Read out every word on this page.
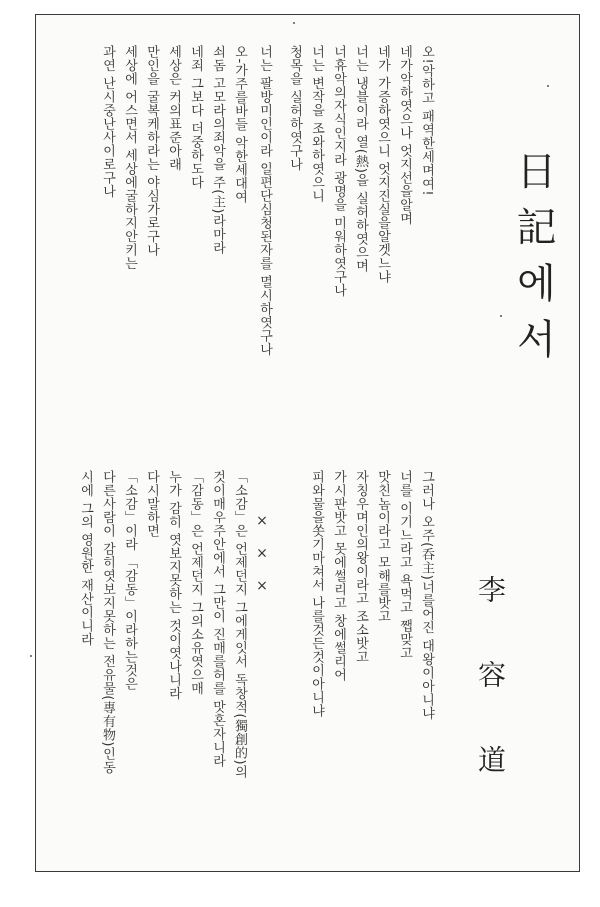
日記에서
李 容 道
× × ×	그러나 오주(呑主)너를어진 대왕이아니냐
너를 이기느라고 욕먹고 쨉맞고
맛친놈이라고 모해를밧고
자칭우며인의왕이라고 조소밧고
가시판밧고 못에썰리고 창에썰리어
피와물을쏫기마쳐서 나를것든것이아니냐
「소감」은 언제던지 그에게잇서 독창적(獨創的)의
것이매우주안에서 그만이 진매를허를 맛혼자니라
「감동」은 언제던지 그의소유엿으매
누가 감히 엿보지못하는 것이엿나니라
다시말하면
「소감」이라 「감동」이라하는것은
다른사람이 감히엿보지못하는 전유물(專有物)인동
시에 그의 영원한 재산이니라
오!악하고 패역한세며여!
네가악하엿으나 엇지선을알며
네가 가증하엿으니 엇지진실을알겟느냐
너는 냉블이라 열(熱)을 실허하엿으며
너휴악의자식인지라 광명을 미워하엿구나
너는 변작을 조와하엿으니
청목을 실허하엿구나
너는 팔방미인이라 일편단심청된자를 멸시하엿구나
오-가주를바들 악한세대여
쇠돔 고모라의죄악을 주(主)라마라
네죄 그보다 더중하도다
세상은 커의표준아래
만인을 굴복케하라는 야심가로구나
세상에 어스면서 세상에굴하지안키는
과연 난시중난사이로구나
